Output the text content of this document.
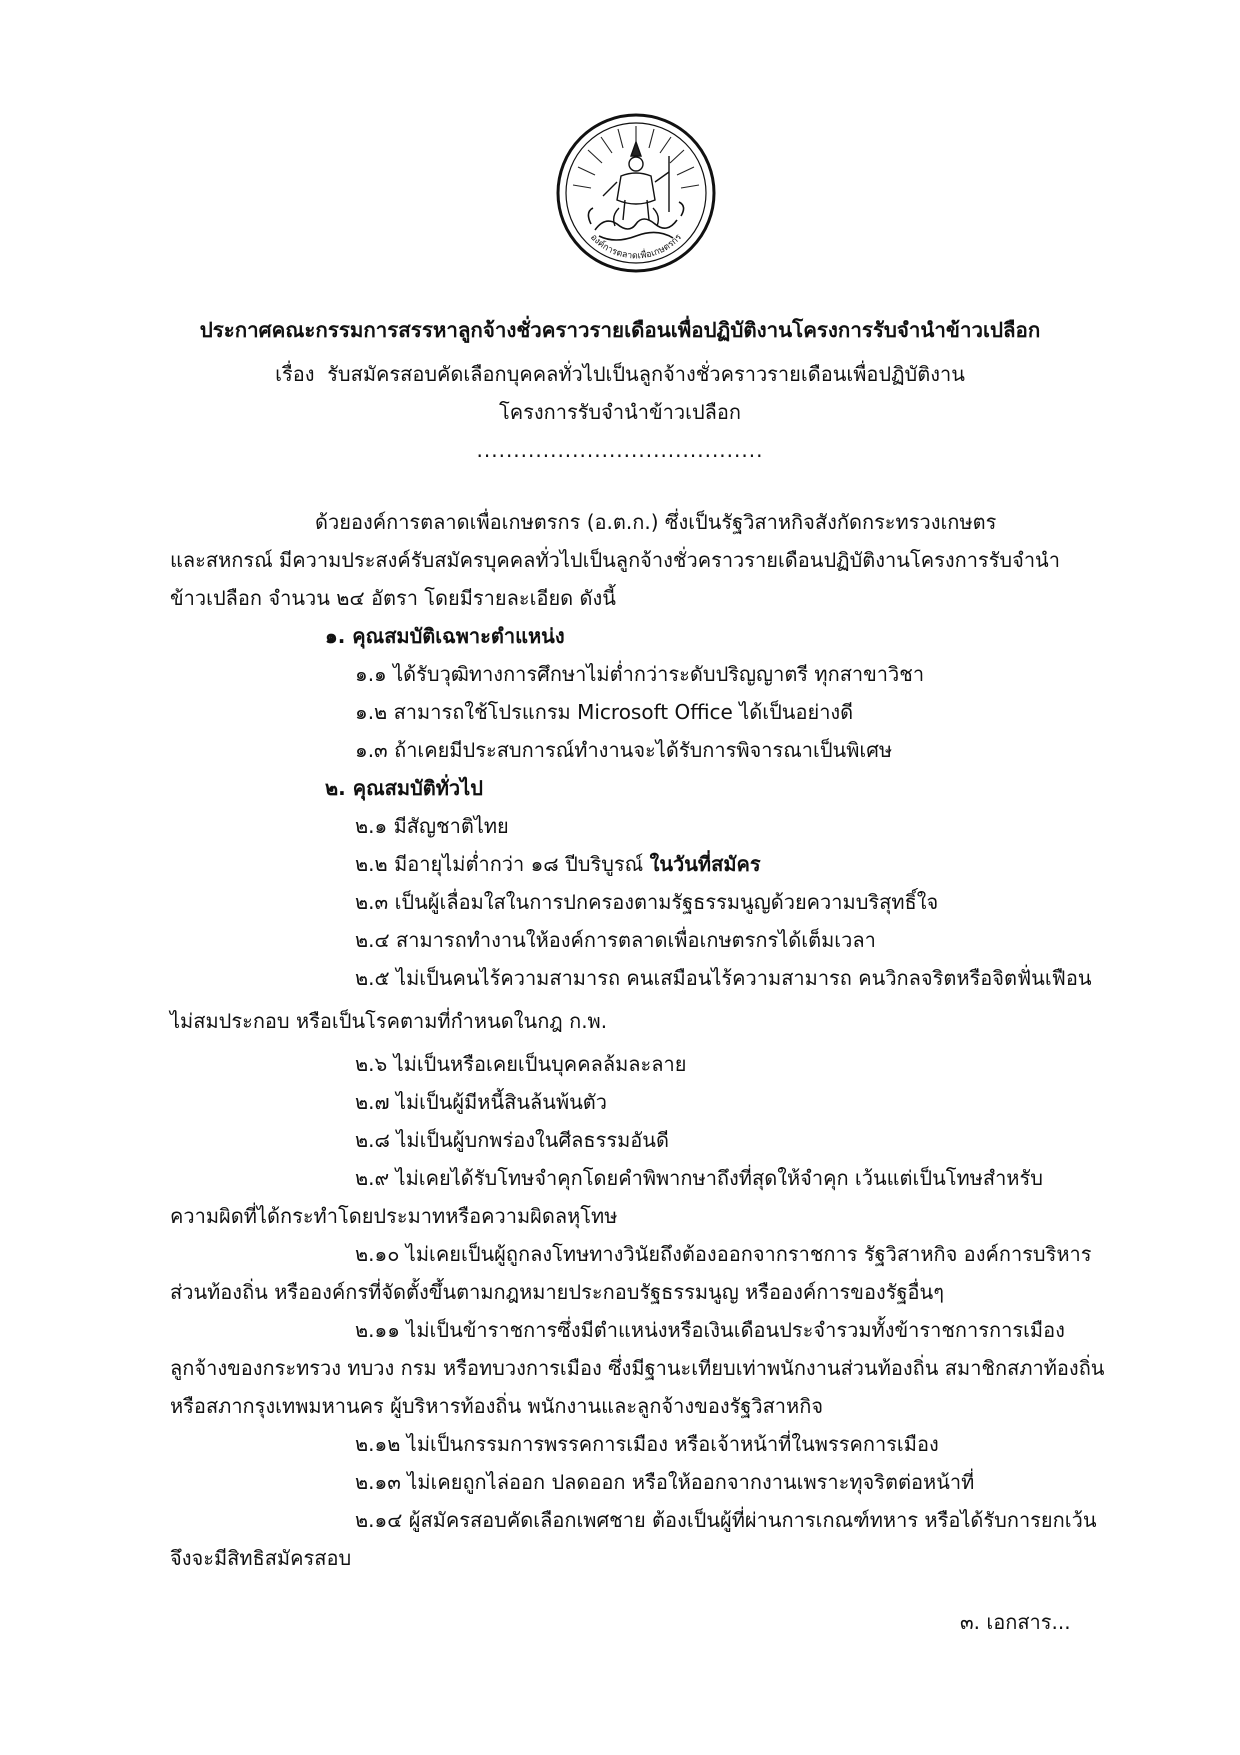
องค์การตลาดเพื่อเกษตรกร
ประกาศคณะกรรมการสรรหาลูกจ้างชั่วคราวรายเดือนเพื่อปฏิบัติงานโครงการรับจำนำข้าวเปลือก
เรื่อง รับสมัครสอบคัดเลือกบุคคลทั่วไปเป็นลูกจ้างชั่วคราวรายเดือนเพื่อปฏิบัติงาน
โครงการรับจำนำข้าวเปลือก
.......................................
ด้วยองค์การตลาดเพื่อเกษตรกร (อ.ต.ก.) ซึ่งเป็นรัฐวิสาหกิจสังกัดกระทรวงเกษตร
และสหกรณ์ มีความประสงค์รับสมัครบุคคลทั่วไปเป็นลูกจ้างชั่วคราวรายเดือนปฏิบัติงานโครงการรับจำนำ
ข้าวเปลือก จำนวน ๒๔ อัตรา โดยมีรายละเอียด ดังนี้
๑. คุณสมบัติเฉพาะตำแหน่ง
๑.๑ ได้รับวุฒิทางการศึกษาไม่ต่ำกว่าระดับปริญญาตรี ทุกสาขาวิชา
๑.๒ สามารถใช้โปรแกรม Microsoft Office ได้เป็นอย่างดี
๑.๓ ถ้าเคยมีประสบการณ์ทำงานจะได้รับการพิจารณาเป็นพิเศษ
๒. คุณสมบัติทั่วไป
๒.๑ มีสัญชาติไทย
๒.๒ มีอายุไม่ต่ำกว่า ๑๘ ปีบริบูรณ์ ในวันที่สมัคร
๒.๓ เป็นผู้เลื่อมใสในการปกครองตามรัฐธรรมนูญด้วยความบริสุทธิ์ใจ
๒.๔ สามารถทำงานให้องค์การตลาดเพื่อเกษตรกรได้เต็มเวลา
๒.๕ ไม่เป็นคนไร้ความสามารถ คนเสมือนไร้ความสามารถ คนวิกลจริตหรือจิตฟั่นเฟือน
ไม่สมประกอบ หรือเป็นโรคตามที่กำหนดในกฎ ก.พ.
๒.๖ ไม่เป็นหรือเคยเป็นบุคคลล้มละลาย
๒.๗ ไม่เป็นผู้มีหนี้สินล้นพ้นตัว
๒.๘ ไม่เป็นผู้บกพร่องในศีลธรรมอันดี
๒.๙ ไม่เคยได้รับโทษจำคุกโดยคำพิพากษาถึงที่สุดให้จำคุก เว้นแต่เป็นโทษสำหรับ
ความผิดที่ได้กระทำโดยประมาทหรือความผิดลหุโทษ
๒.๑๐ ไม่เคยเป็นผู้ถูกลงโทษทางวินัยถึงต้องออกจากราชการ รัฐวิสาหกิจ องค์การบริหาร
ส่วนท้องถิ่น หรือองค์กรที่จัดตั้งขึ้นตามกฎหมายประกอบรัฐธรรมนูญ หรือองค์การของรัฐอื่นๆ
๒.๑๑ ไม่เป็นข้าราชการซึ่งมีตำแหน่งหรือเงินเดือนประจำรวมทั้งข้าราชการการเมือง
ลูกจ้างของกระทรวง ทบวง กรม หรือทบวงการเมือง ซึ่งมีฐานะเทียบเท่าพนักงานส่วนท้องถิ่น สมาชิกสภาท้องถิ่น
หรือสภากรุงเทพมหานคร ผู้บริหารท้องถิ่น พนักงานและลูกจ้างของรัฐวิสาหกิจ
๒.๑๒ ไม่เป็นกรรมการพรรคการเมือง หรือเจ้าหน้าที่ในพรรคการเมือง
๒.๑๓ ไม่เคยถูกไล่ออก ปลดออก หรือให้ออกจากงานเพราะทุจริตต่อหน้าที่
๒.๑๔ ผู้สมัครสอบคัดเลือกเพศชาย ต้องเป็นผู้ที่ผ่านการเกณฑ์ทหาร หรือได้รับการยกเว้น
จึงจะมีสิทธิสมัครสอบ
๓. เอกสาร...
